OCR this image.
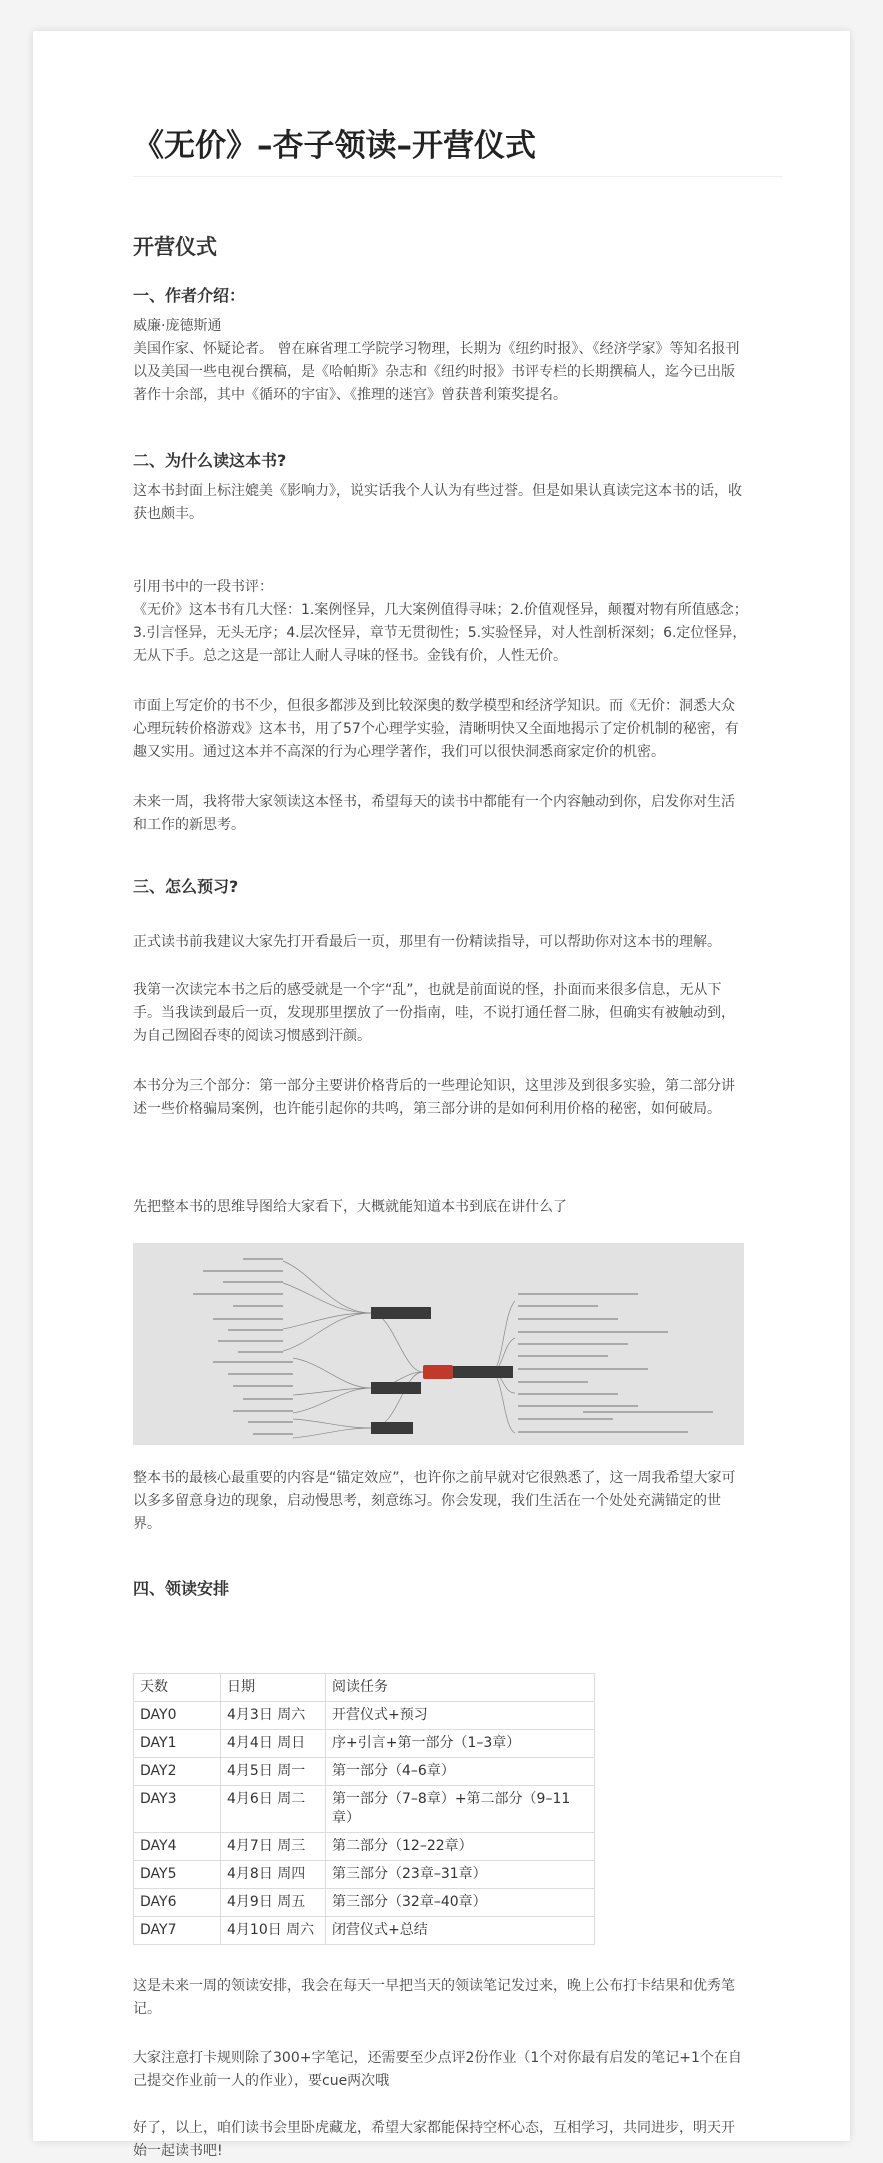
《无价》–杏子领读–开营仪式
开营仪式
一、作者介绍：

威廉·庞德斯通

美国作家、怀疑论者。 曾在麻省理工学院学习物理，长期为《纽约时报》、《经济学家》等知名报刊以及美国一些电视台撰稿，是《哈帕斯》杂志和《纽约时报》书评专栏的长期撰稿人，迄今已出版著作十余部，其中《循环的宇宙》、《推理的迷宫》曾获普利策奖提名。

二、为什么读这本书?

这本书封面上标注媲美《影响力》，说实话我个人认为有些过誉。但是如果认真读完这本书的话，收获也颇丰。

引用书中的一段书评：

《无价》这本书有几大怪：1.案例怪异，几大案例值得寻味；2.价值观怪异，颠覆对物有所值感念；3.引言怪异，无头无序；4.层次怪异，章节无贯彻性；5.实验怪异，对人性剖析深刻；6.定位怪异，无从下手。总之这是一部让人耐人寻味的怪书。金钱有价，人性无价。

市面上写定价的书不少，但很多都涉及到比较深奥的数学模型和经济学知识。而《无价：洞悉大众心理玩转价格游戏》这本书，用了57个心理学实验，清晰明快又全面地揭示了定价机制的秘密，有趣又实用。通过这本并不高深的行为心理学著作，我们可以很快洞悉商家定价的机密。

未来一周，我将带大家领读这本怪书，希望每天的读书中都能有一个内容触动到你，启发你对生活和工作的新思考。

三、怎么预习?

正式读书前我建议大家先打开看最后一页，那里有一份精读指导，可以帮助你对这本书的理解。

我第一次读完本书之后的感受就是一个字“乱”，也就是前面说的怪，扑面而来很多信息，无从下手。当我读到最后一页，发现那里摆放了一份指南，哇，不说打通任督二脉，但确实有被触动到，为自己囫囵吞枣的阅读习惯感到汗颜。

本书分为三个部分：第一部分主要讲价格背后的一些理论知识，这里涉及到很多实验，第二部分讲述一些价格骗局案例，也许能引起你的共鸣，第三部分讲的是如何利用价格的秘密，如何破局。

先把整本书的思维导图给大家看下，大概就能知道本书到底在讲什么了

整本书的最核心最重要的内容是“锚定效应”，也许你之前早就对它很熟悉了，这一周我希望大家可以多多留意身边的现象，启动慢思考，刻意练习。你会发现，我们生活在一个处处充满锚定的世界。

四、领读安排
天数	日期	阅读任务
DAY0	4月3日 周六	开营仪式+预习
DAY1	4月4日 周日	序+引言+第一部分（1–3章）
DAY2	4月5日 周一	第一部分（4–6章）
DAY3	4月6日 周二	第一部分（7–8章）+第二部分（9–11章）
DAY4	4月7日 周三	第二部分（12–22章）
DAY5	4月8日 周四	第三部分（23章–31章）
DAY6	4月9日 周五	第三部分（32章–40章）
DAY7	4月10日 周六	闭营仪式+总结

这是未来一周的领读安排，我会在每天一早把当天的领读笔记发过来，晚上公布打卡结果和优秀笔记。

大家注意打卡规则除了300+字笔记，还需要至少点评2份作业（1个对你最有启发的笔记+1个在自己提交作业前一人的作业），要cue两次哦

好了，以上，咱们读书会里卧虎藏龙，希望大家都能保持空杯心态，互相学习，共同进步，明天开始一起读书吧!
